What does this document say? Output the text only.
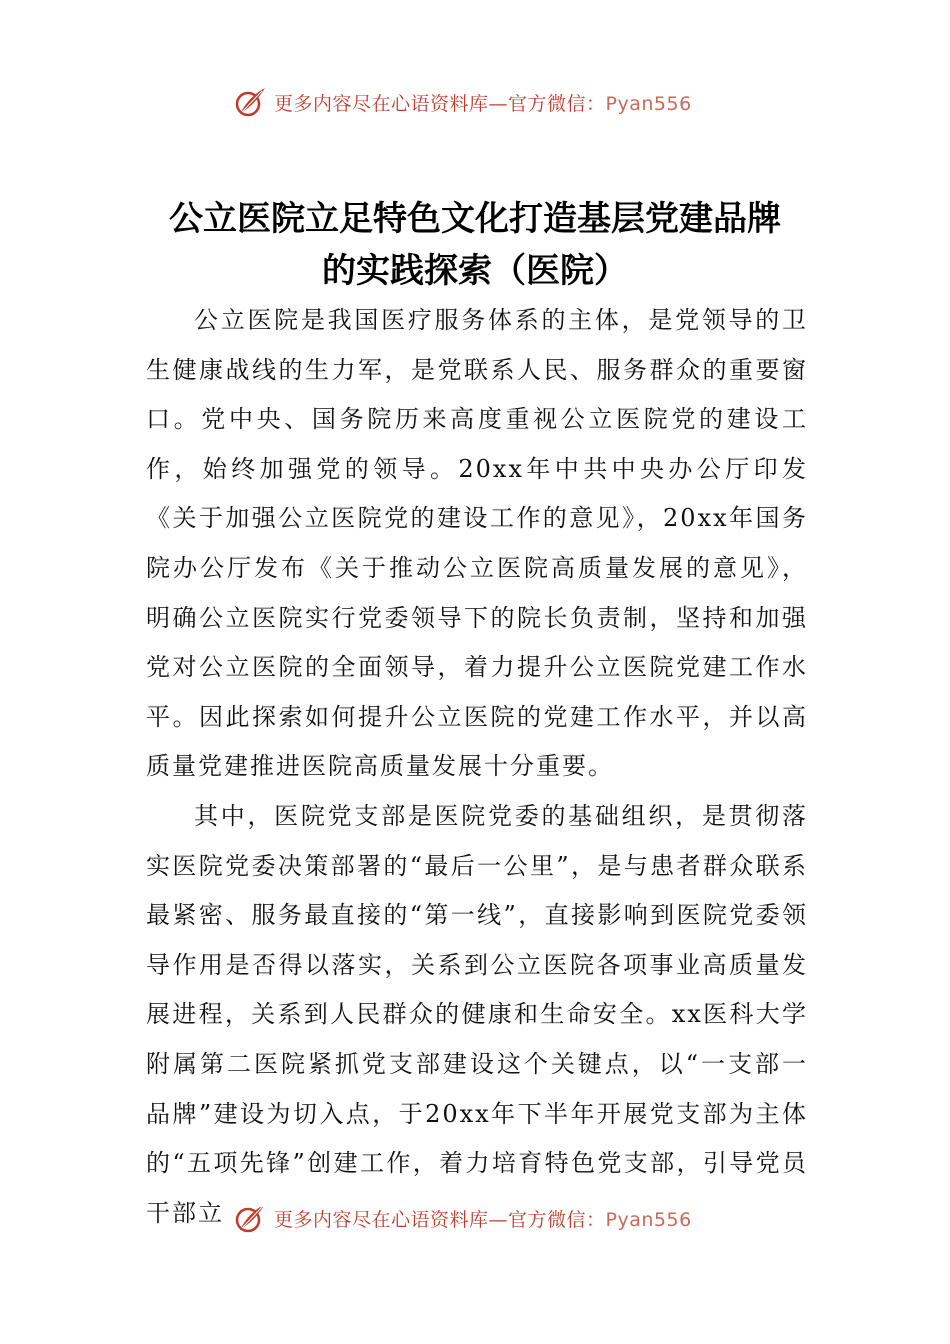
更多内容尽在心语资料库—官方微信：Pyan556
公立医院立足特色文化打造基层党建品牌
的实践探索（医院）

公立医院是我国医疗服务体系的主体，是党领导的卫生健康战线的生力军，是党联系人民、服务群众的重要窗口。党中央、国务院历来高度重视公立医院党的建设工作，始终加强党的领导。20xx年中共中央办公厅印发《关于加强公立医院党的建设工作的意见》，20xx年国务院办公厅发布《关于推动公立医院高质量发展的意见》，明确公立医院实行党委领导下的院长负责制，坚持和加强党对公立医院的全面领导，着力提升公立医院党建工作水平。因此探索如何提升公立医院的党建工作水平，并以高质量党建推进医院高质量发展十分重要。

其中，医院党支部是医院党委的基础组织，是贯彻落实医院党委决策部署的“最后一公里”，是与患者群众联系最紧密、服务最直接的“第一线”，直接影响到医院党委领导作用是否得以落实，关系到公立医院各项事业高质量发展进程，关系到人民群众的健康和生命安全。xx医科大学附属第二医院紧抓党支部建设这个关键点，以“一支部一品牌”建设为切入点，于20xx年下半年开展党支部为主体的“五项先锋”创建工作，着力培育特色党支部，引导党员干部立	更多内容尽在心语资料库—官方微信：Pyan556
